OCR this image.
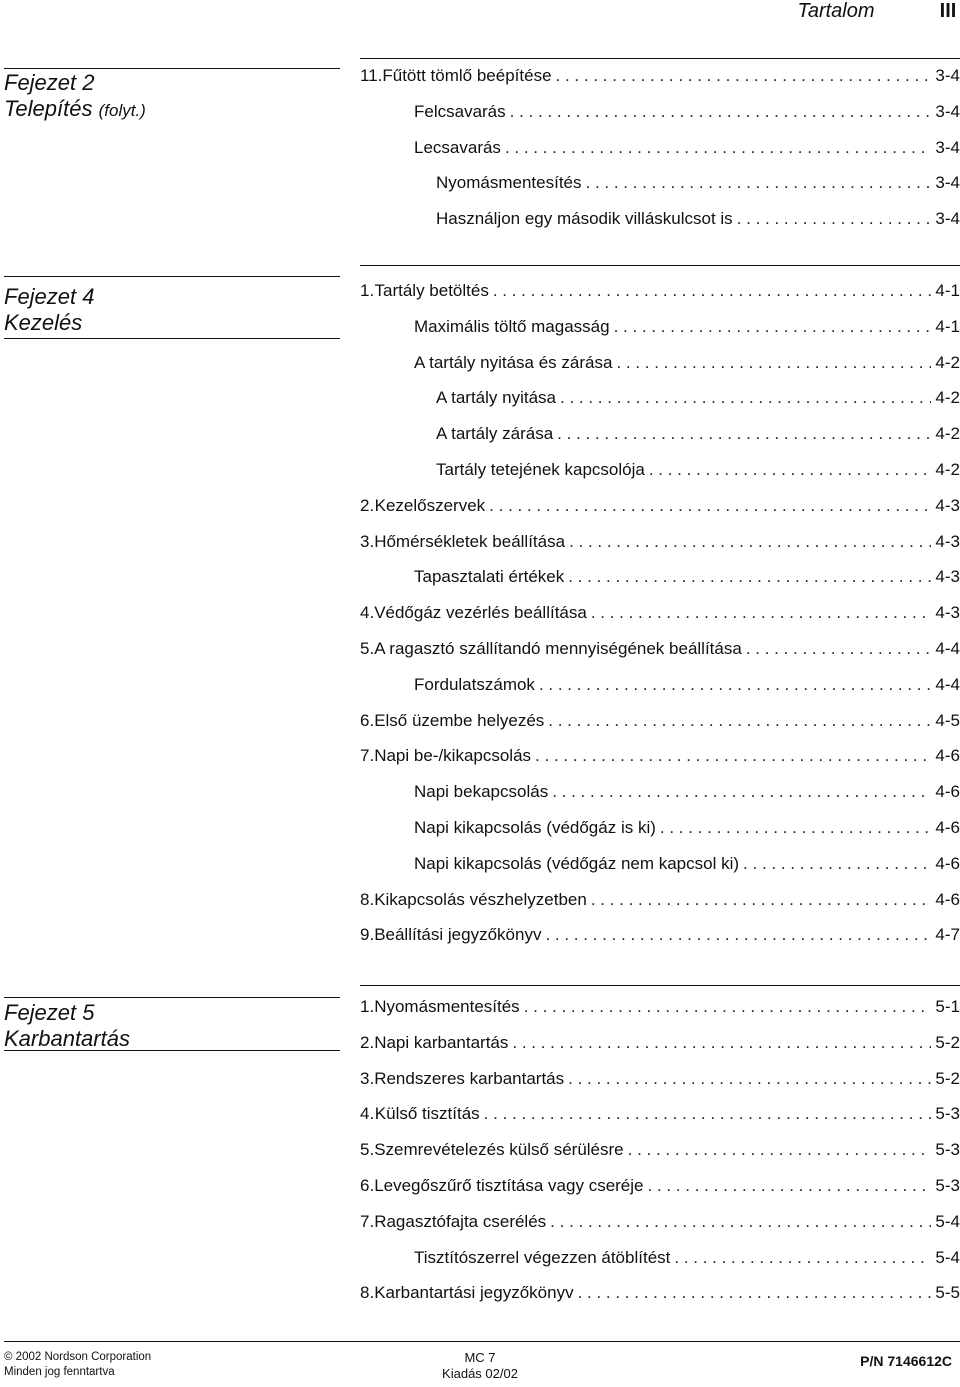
Tartalom	III
Fejezet 2
Telepítés (folyt.)
11. Fűtött tömlő beépítése . . .	3-4
Felcsavarás . . .	3-4
Lecsavarás . . .	3-4
Nyomásmentesítés . . .	3-4
Használjon egy második villáskulcsot is . . .	3-4
Fejezet 4
Kezelés
1. Tartály betöltés . . .	4-1
Maximális töltő magasság . . .	4-1
A tartály nyitása és zárása . . .	4-2
A tartály nyitása . . .	4-2
A tartály zárása . . .	4-2
Tartály tetejének kapcsolója . . .	4-2
2. Kezelőszervek . . .	4-3
3. Hőmérsékletek beállítása . . .	4-3
Tapasztalati értékek . . .	4-3
4. Védőgáz vezérlés beállítása . . .	4-3
5. A ragasztó szállítandó mennyiségének beállítása . . .	4-4
Fordulatszámok . . .	4-4
6. Első üzembe helyezés . . .	4-5
7. Napi be-/kikapcsolás . . .	4-6
Napi bekapcsolás . . .	4-6
Napi kikapcsolás (védőgáz is ki) . . .	4-6
Napi kikapcsolás (védőgáz nem kapcsol ki) . . .	4-6
8. Kikapcsolás vészhelyzetben . . .	4-6
9. Beállítási jegyzőkönyv . . .	4-7
Fejezet 5
Karbantartás
1. Nyomásmentesítés . . .	5-1
2. Napi karbantartás . . .	5-2
3. Rendszeres karbantartás . . .	5-2
4. Külső tisztítás . . .	5-3
5. Szemrevételezés külső sérülésre . . .	5-3
6. Levegőszűrő tisztítása vagy cseréje . . .	5-3
7. Ragasztófajta cserélés . . .	5-4
Tisztítószerrel végezzen átöblítést . . .	5-4
8. Karbantartási jegyzőkönyv . . .	5-5
© 2002 Nordson Corporation
Minden jog fenntartva
MC 7
Kiadás 02/02
P/N 7146612C
